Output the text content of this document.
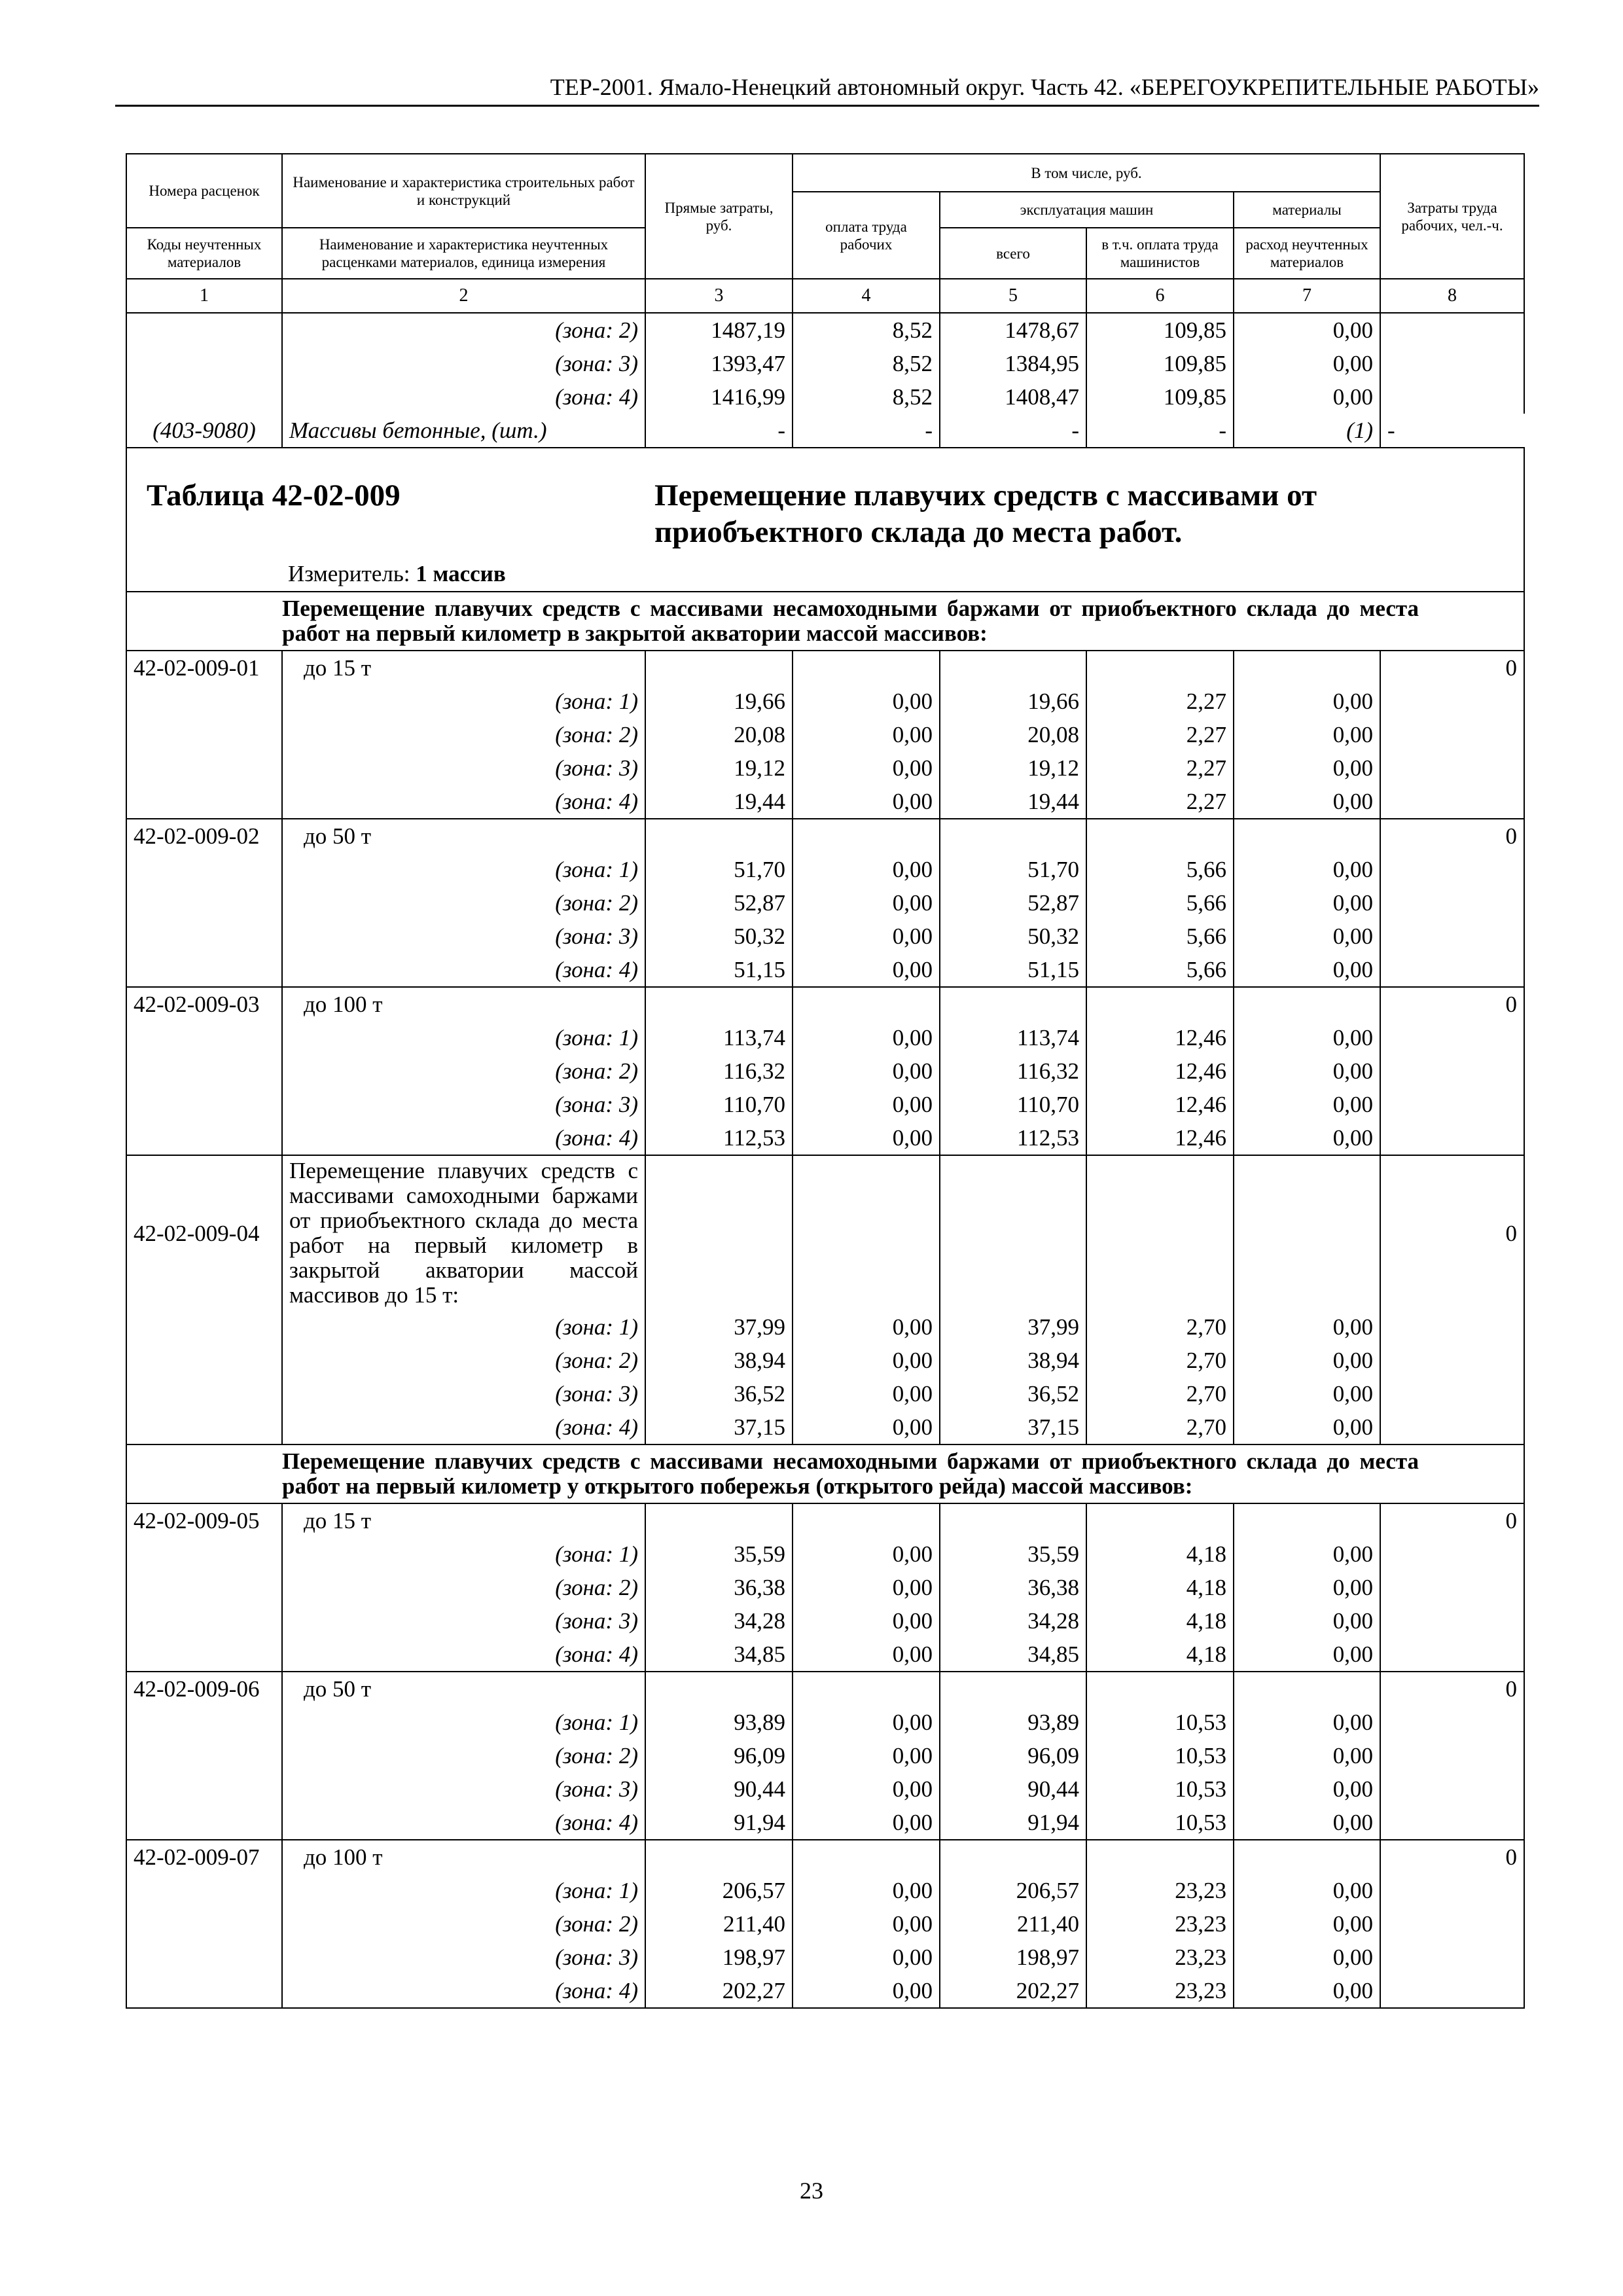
ТЕР-2001. Ямало-Ненецкий автономный округ. Часть 42. «БЕРЕГОУКРЕПИТЕЛЬНЫЕ РАБОТЫ»
Номера расценок	Наименование и характеристика строительных работ и конструкций	Прямые затраты, руб.	В том числе, руб.				Затраты труда рабочих, чел.-ч.
			оплата труда рабочих	эксплуатация машин		материалы	
Коды неучтенных материалов	Наименование и характеристика неучтенных расценками материалов, единица измерения			всего	в т.ч. оплата труда машинистов	расход неучтенных материалов	
1	2	3	4	5	6	7	8
	(зона: 2)	1487,19	8,52	1478,67	109,85	0,00	
	(зона: 3)	1393,47	8,52	1384,95	109,85	0,00	
	(зона: 4)	1416,99	8,52	1408,47	109,85	0,00	
(403-9080)	Массивы бетонные, (шт.)	-	-	-	-	(1)	-

Таблица 42-02-009 Перемещение плавучих средств с массивами от приобъектного склада до места работ.
Измеритель: 1 массив							

	Перемещение плавучих средств с массивами несамоходными баржами от приобъектного склада до места работ на первый километр в закрытой акватории массой массивов:						
42-02-009-01	до 15 т						0
	(зона: 1)	19,66	0,00	19,66	2,27	0,00	
	(зона: 2)	20,08	0,00	20,08	2,27	0,00	
	(зона: 3)	19,12	0,00	19,12	2,27	0,00	
	(зона: 4)	19,44	0,00	19,44	2,27	0,00	
42-02-009-02	до 50 т						0
	(зона: 1)	51,70	0,00	51,70	5,66	0,00	
	(зона: 2)	52,87	0,00	52,87	5,66	0,00	
	(зона: 3)	50,32	0,00	50,32	5,66	0,00	
	(зона: 4)	51,15	0,00	51,15	5,66	0,00	
42-02-009-03	до 100 т						0
	(зона: 1)	113,74	0,00	113,74	12,46	0,00	
	(зона: 2)	116,32	0,00	116,32	12,46	0,00	
	(зона: 3)	110,70	0,00	110,70	12,46	0,00	
	(зона: 4)	112,53	0,00	112,53	12,46	0,00	
42-02-009-04	Перемещение плавучих средств с массивами самоходными баржами от приобъектного склада до места работ на первый километр в закрытой акватории массой массивов до 15 т:						0
	(зона: 1)	37,99	0,00	37,99	2,70	0,00	
	(зона: 2)	38,94	0,00	38,94	2,70	0,00	
	(зона: 3)	36,52	0,00	36,52	2,70	0,00	
	(зона: 4)	37,15	0,00	37,15	2,70	0,00	
	Перемещение плавучих средств с массивами несамоходными баржами от приобъектного склада до места работ на первый километр у открытого побережья (открытого рейда) массой массивов:						
42-02-009-05	до 15 т						0
	(зона: 1)	35,59	0,00	35,59	4,18	0,00	
	(зона: 2)	36,38	0,00	36,38	4,18	0,00	
	(зона: 3)	34,28	0,00	34,28	4,18	0,00	
	(зона: 4)	34,85	0,00	34,85	4,18	0,00	
42-02-009-06	до 50 т						0
	(зона: 1)	93,89	0,00	93,89	10,53	0,00	
	(зона: 2)	96,09	0,00	96,09	10,53	0,00	
	(зона: 3)	90,44	0,00	90,44	10,53	0,00	
	(зона: 4)	91,94	0,00	91,94	10,53	0,00	
42-02-009-07	до 100 т						0
	(зона: 1)	206,57	0,00	206,57	23,23	0,00	
	(зона: 2)	211,40	0,00	211,40	23,23	0,00	
	(зона: 3)	198,97	0,00	198,97	23,23	0,00	
	(зона: 4)	202,27	0,00	202,27	23,23	0,00	
23
